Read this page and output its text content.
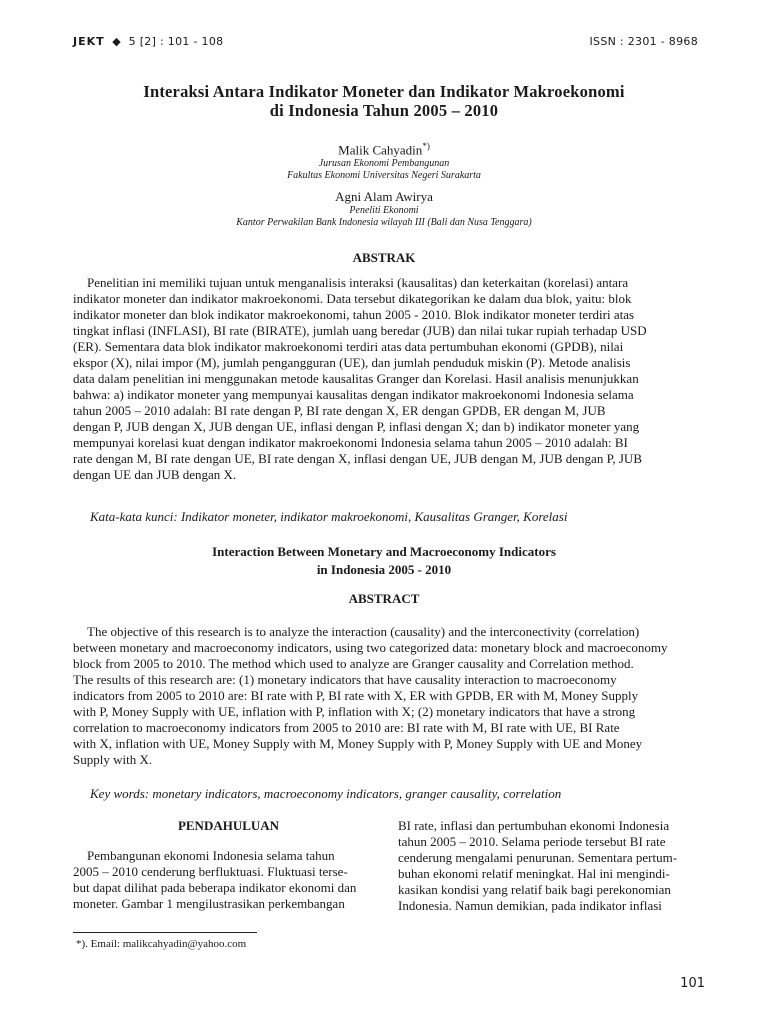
JEKT  ◆  5 [2] : 101 - 108	ISSN : 2301 - 8968
Interaksi Antara Indikator Moneter dan Indikator Makroekonomi
di Indonesia Tahun 2005 – 2010
Malik Cahyadin*)
Jurusan Ekonomi Pembangunan
Fakultas Ekonomi Universitas Negeri Surakarta
Agni Alam Awirya
Peneliti Ekonomi
Kantor Perwakilan Bank Indonesia wilayah III (Bali dan Nusa Tenggara)
ABSTRAK
Penelitian ini memiliki tujuan untuk menganalisis interaksi (kausalitas) dan keterkaitan (korelasi) antara
indikator moneter dan indikator makroekonomi. Data tersebut dikategorikan ke dalam dua blok, yaitu: blok
indikator moneter dan blok indikator makroekonomi, tahun 2005 - 2010. Blok indikator moneter terdiri atas
tingkat inflasi (INFLASI), BI rate (BIRATE), jumlah uang beredar (JUB) dan nilai tukar rupiah terhadap USD
(ER). Sementara data blok indikator makroekonomi terdiri atas data pertumbuhan ekonomi (GPDB), nilai
ekspor (X), nilai impor (M), jumlah pengangguran (UE), dan jumlah penduduk miskin (P). Metode analisis
data dalam penelitian ini menggunakan metode kausalitas Granger dan Korelasi. Hasil analisis menunjukkan
bahwa: a) indikator moneter yang mempunyai kausalitas dengan indikator makroekonomi Indonesia selama
tahun 2005 – 2010 adalah: BI rate dengan P, BI rate dengan X, ER dengan GPDB, ER dengan M, JUB
dengan P, JUB dengan X, JUB dengan UE, inflasi dengan P, inflasi dengan X; dan b) indikator moneter yang
mempunyai korelasi kuat dengan indikator makroekonomi Indonesia selama tahun 2005 – 2010 adalah: BI
rate dengan M, BI rate dengan UE, BI rate dengan X, inflasi dengan UE, JUB dengan M, JUB dengan P, JUB
dengan UE dan JUB dengan X.
Kata-kata kunci: Indikator moneter, indikator makroekonomi, Kausalitas Granger, Korelasi
Interaction Between Monetary and Macroeconomy Indicators
in Indonesia 2005 - 2010
ABSTRACT
The objective of this research is to analyze the interaction (causality) and the interconectivity (correlation)
between monetary and macroeconomy indicators, using two categorized data: monetary block and macroeconomy
block from 2005 to 2010. The method which used to analyze are Granger causality and Correlation method.
The results of this research are: (1) monetary indicators that have causality interaction to macroeconomy
indicators from 2005 to 2010 are: BI rate with P, BI rate with X, ER with GPDB, ER with M, Money Supply
with P, Money Supply with UE, inflation with P, inflation with X; (2) monetary indicators that have a strong
correlation to macroeconomy indicators from 2005 to 2010 are: BI rate with M, BI rate with UE, BI Rate
with X, inflation with UE, Money Supply with M, Money Supply with P, Money Supply with UE and Money
Supply with X.
Key words: monetary indicators, macroeconomy indicators, granger causality, correlation
PENDAHULUAN
Pembangunan ekonomi Indonesia selama tahun
2005 – 2010 cenderung berfluktuasi. Fluktuasi terse-
but dapat dilihat pada beberapa indikator ekonomi dan
moneter. Gambar 1 mengilustrasikan perkembangan
BI rate, inflasi dan pertumbuhan ekonomi Indonesia
tahun 2005 – 2010. Selama periode tersebut BI rate
cenderung mengalami penurunan. Sementara pertum-
buhan ekonomi relatif meningkat. Hal ini mengindi-
kasikan kondisi yang relatif baik bagi perekonomian
Indonesia. Namun demikian, pada indikator inflasi
*). Email: malikcahyadin@yahoo.com
101
